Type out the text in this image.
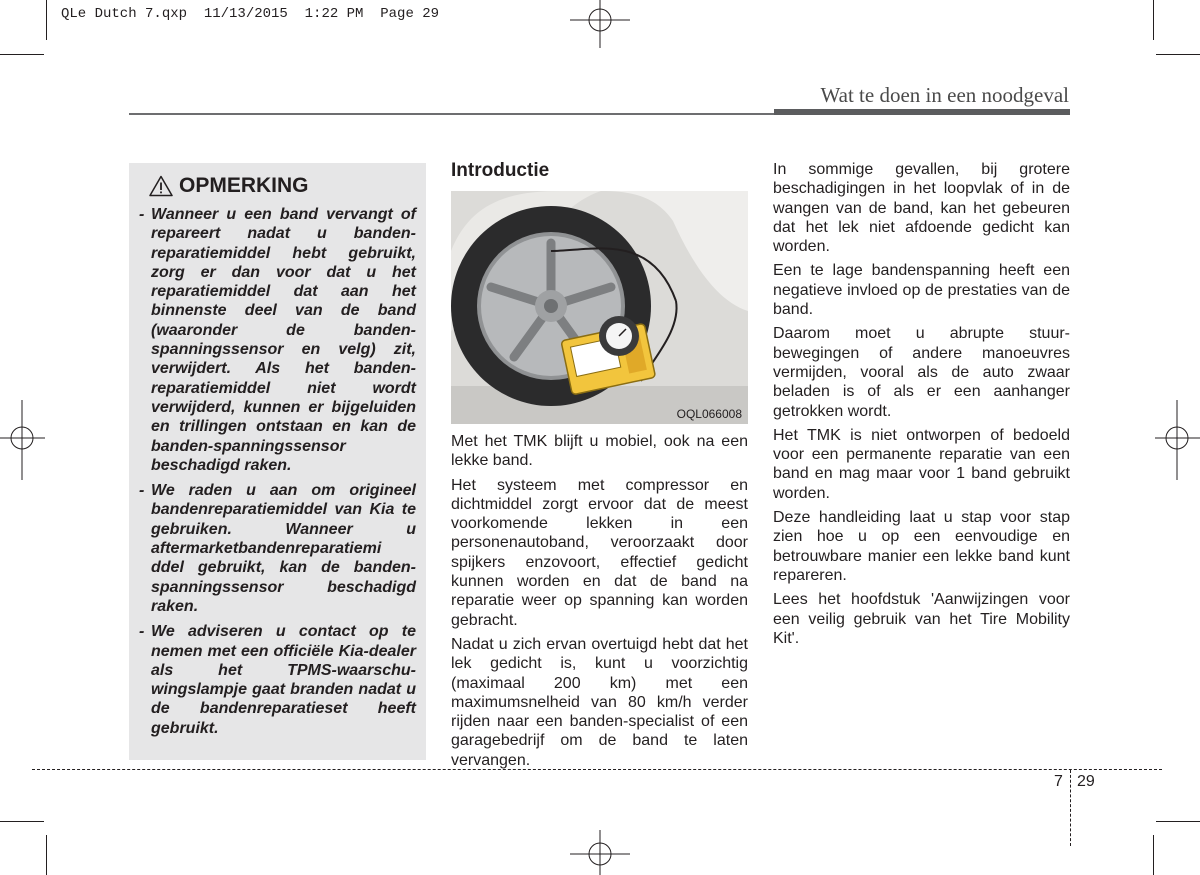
QLe Dutch 7.qxp  11/13/2015  1:22 PM  Page 29
Wat te doen in een noodgeval
OPMERKING
- Wanneer u een band vervangt of repareert nadat u banden-reparatiemiddel hebt gebruikt, zorg er dan voor dat u het reparatiemiddel dat aan het binnenste deel van de band (waaronder de banden-spanningssensor en velg) zit, verwijdert. Als het banden-reparatiemiddel niet wordt verwijderd, kunnen er bijgeluiden en trillingen ontstaan en kan de banden-spanningssensor beschadigd raken.
- We raden u aan om origineel bandenreparatiemiddel van Kia te gebruiken. Wanneer u aftermarketbandenreparatiemi ddel gebruikt, kan de banden-spanningssensor beschadigd raken.
- We adviseren u contact op te nemen met een officiële Kia-dealer als het TPMS-waarschu-wingslampje gaat branden nadat u de bandenreparatieset heeft gebruikt.
Introductie
OQL066008

Met het TMK blijft u mobiel, ook na een lekke band.

Het systeem met compressor en dichtmiddel zorgt ervoor dat de meest voorkomende lekken in een personenautoband, veroorzaakt door spijkers enzovoort, effectief gedicht kunnen worden en dat de band na reparatie weer op spanning kan worden gebracht.

Nadat u zich ervan overtuigd hebt dat het lek gedicht is, kunt u voorzichtig (maximaal 200 km) met een maximumsnelheid van 80 km/h verder rijden naar een banden-specialist of een garagebedrijf om de band te laten vervangen.

In sommige gevallen, bij grotere beschadigingen in het loopvlak of in de wangen van de band, kan het gebeuren dat het lek niet afdoende gedicht kan worden.

Een te lage bandenspanning heeft een negatieve invloed op de prestaties van de band.

Daarom moet u abrupte stuur-bewegingen of andere manoeuvres vermijden, vooral als de auto zwaar beladen is of als er een aanhanger getrokken wordt.

Het TMK is niet ontworpen of bedoeld voor een permanente reparatie van een band en mag maar voor 1 band gebruikt worden.

Deze handleiding laat u stap voor stap zien hoe u op een eenvoudige en betrouwbare manier een lekke band kunt repareren.

Lees het hoofdstuk 'Aanwijzingen voor een veilig gebruik van het Tire Mobility Kit'.

7 29
